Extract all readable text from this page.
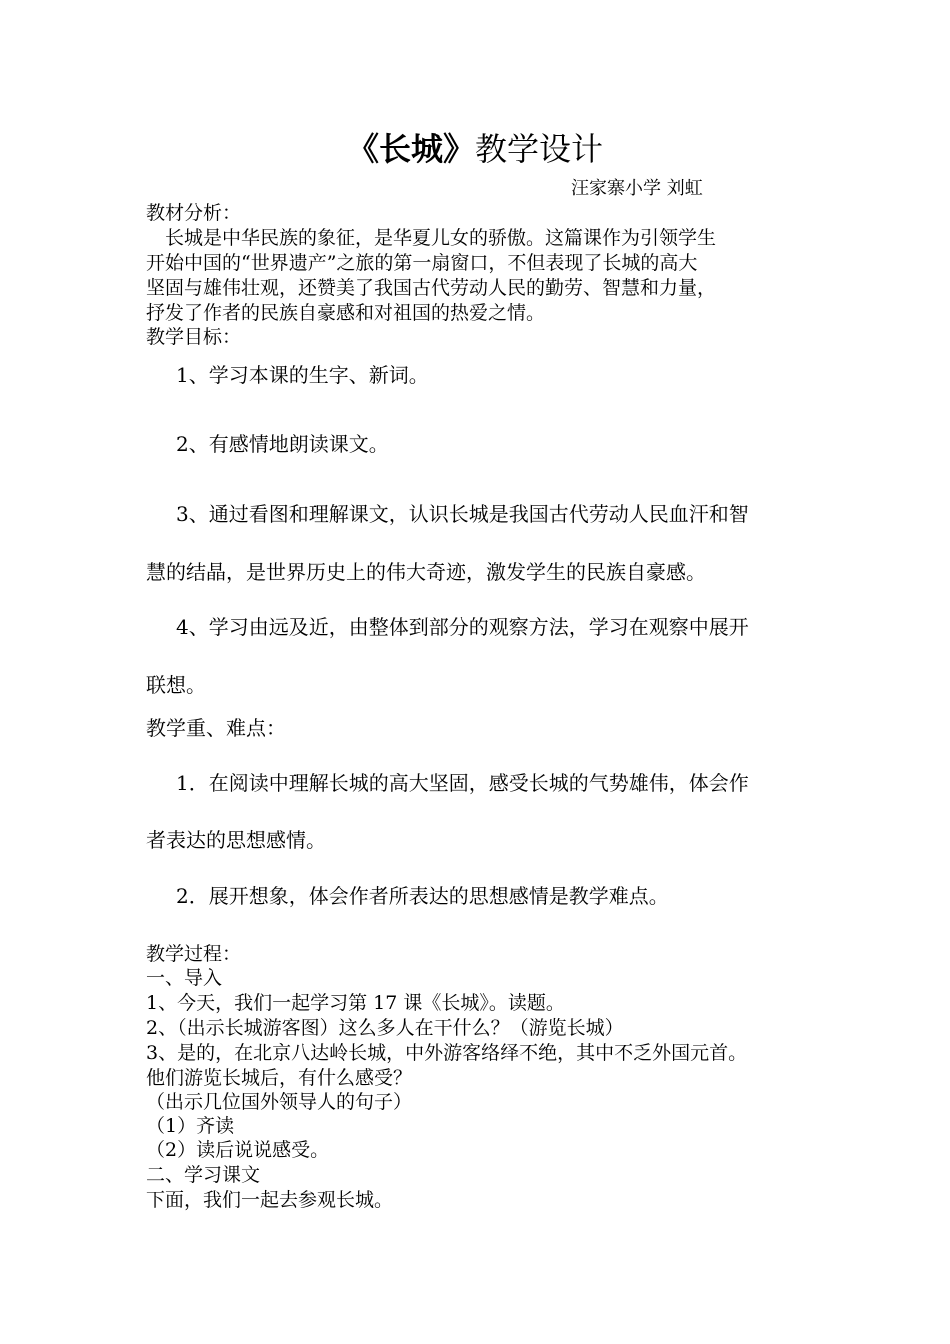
《长城》教学设计
汪家寨小学 刘虹
教材分析：
　长城是中华民族的象征，是华夏儿女的骄傲。这篇课作为引领学生
开始中国的“世界遗产”之旅的第一扇窗口，不但表现了长城的高大
坚固与雄伟壮观，还赞美了我国古代劳动人民的勤劳、智慧和力量，
抒发了作者的民族自豪感和对祖国的热爱之情。
教学目标：
1、学习本课的生字、新词。
2、有感情地朗读课文。
3、通过看图和理解课文，认识长城是我国古代劳动人民血汗和智
慧的结晶，是世界历史上的伟大奇迹，激发学生的民族自豪感。
4、学习由远及近，由整体到部分的观察方法，学习在观察中展开
联想。
教学重、难点：
1．在阅读中理解长城的高大坚固，感受长城的气势雄伟，体会作
者表达的思想感情。
2．展开想象，体会作者所表达的思想感情是教学难点。
教学过程：
一、导入
1、今天，我们一起学习第 17 课《长城》。读题。
2、（出示长城游客图）这么多人在干什么？（游览长城）
3、是的，在北京八达岭长城，中外游客络绎不绝，其中不乏外国元首。
他们游览长城后，有什么感受？
（出示几位国外领导人的句子）
（1）齐读
（2）读后说说感受。
二、学习课文
下面，我们一起去参观长城。
